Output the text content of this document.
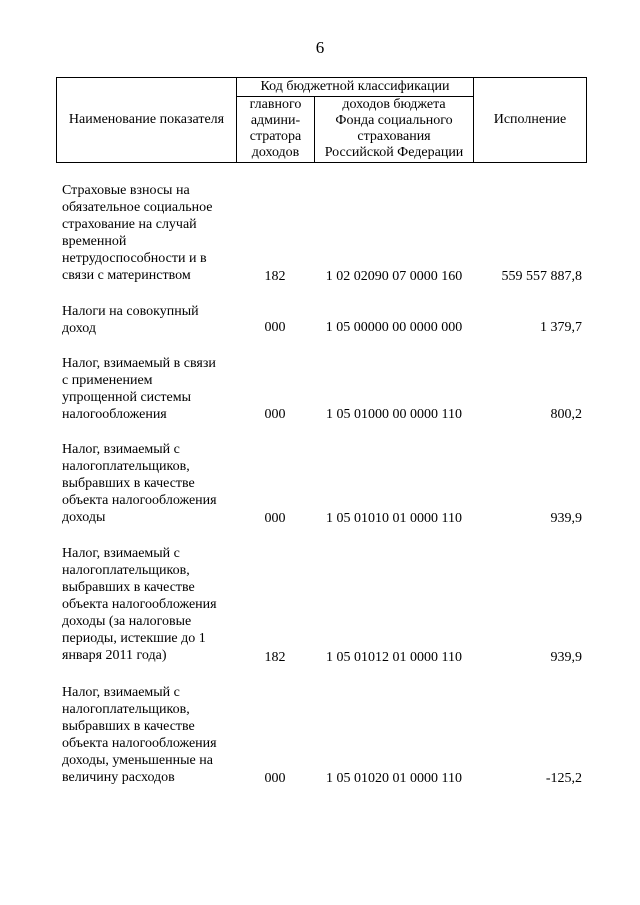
6
Наименование показателя
Код бюджетной классификации
главного
админи-
стратора
доходов
доходов бюджета
Фонда социального
страхования
Российской Федерации
Исполнение
Страховые взносы на
обязательное социальное
страхование на случай
временной
нетрудоспособности и в
связи с материнством	182	1 02 02090 07 0000 160	559 557 887,8
Налоги на совокупный
доход	000	1 05 00000 00 0000 000	1 379,7
Налог, взимаемый в связи
с применением
упрощенной системы
налогообложения	000	1 05 01000 00 0000 110	800,2
Налог, взимаемый с
налогоплательщиков,
выбравших в качестве
объекта налогообложения
доходы	000	1 05 01010 01 0000 110	939,9
Налог, взимаемый с
налогоплательщиков,
выбравших в качестве
объекта налогообложения
доходы (за налоговые
периоды, истекшие до 1
января 2011 года)	182	1 05 01012 01 0000 110	939,9
Налог, взимаемый с
налогоплательщиков,
выбравших в качестве
объекта налогообложения
доходы, уменьшенные на
величину расходов	000	1 05 01020 01 0000 110	-125,2
